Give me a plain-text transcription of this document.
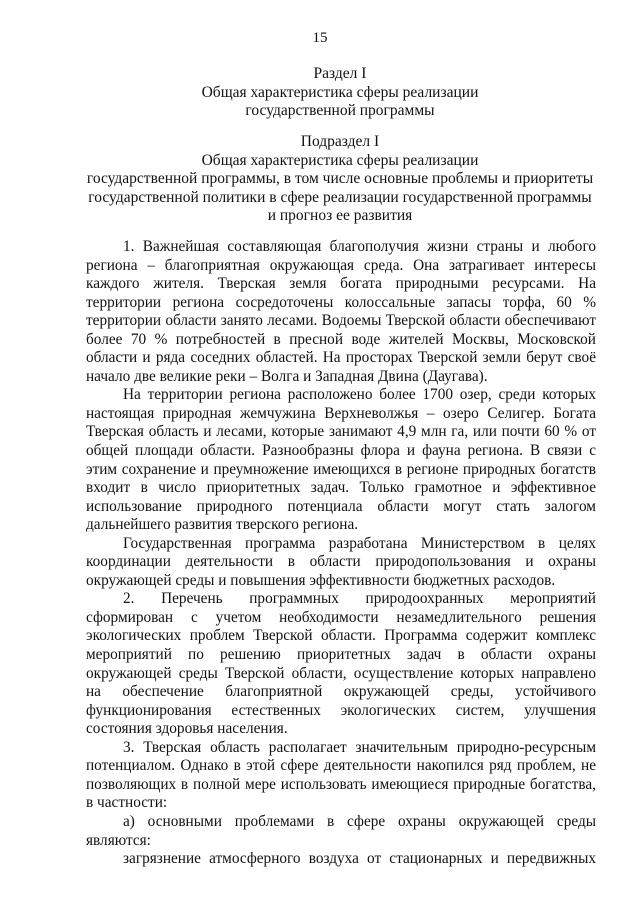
15
Раздел I
Общая характеристика сферы реализации
государственной программы
Подраздел I
Общая характеристика сферы реализации
государственной программы, в том числе основные проблемы и приоритеты
государственной политики в сфере реализации государственной программы
и прогноз ее развития
1. Важнейшая составляющая благополучия жизни страны и любого
региона – благоприятная окружающая среда. Она затрагивает интересы
каждого жителя. Тверская земля богата природными ресурсами. На
территории региона сосредоточены колоссальные запасы торфа, 60 %
территории области занято лесами. Водоемы Тверской области обеспечивают
более 70 % потребностей в пресной воде жителей Москвы, Московской
области и ряда соседних областей. На просторах Тверской земли берут своё
начало две великие реки – Волга и Западная Двина (Даугава).
На территории региона расположено более 1700 озер, среди которых
настоящая природная жемчужина Верхневолжья – озеро Селигер. Богата
Тверская область и лесами, которые занимают 4,9 млн га, или почти 60 % от
общей площади области. Разнообразны флора и фауна региона. В связи с
этим сохранение и преумножение имеющихся в регионе природных богатств
входит в число приоритетных задач. Только грамотное и эффективное
использование природного потенциала области могут стать залогом
дальнейшего развития тверского региона.
Государственная программа разработана Министерством в целях
координации деятельности в области природопользования и охраны
окружающей среды и повышения эффективности бюджетных расходов.
2. Перечень программных природоохранных мероприятий
сформирован с учетом необходимости незамедлительного решения
экологических проблем Тверской области. Программа содержит комплекс
мероприятий по решению приоритетных задач в области охраны
окружающей среды Тверской области, осуществление которых направлено
на обеспечение благоприятной окружающей среды, устойчивого
функционирования естественных экологических систем, улучшения
состояния здоровья населения.
3. Тверская область располагает значительным природно-ресурсным
потенциалом. Однако в этой сфере деятельности накопился ряд проблем, не
позволяющих в полной мере использовать имеющиеся природные богатства,
в частности:
а) основными проблемами в сфере охраны окружающей среды
являются:
загрязнение атмосферного воздуха от стационарных и передвижных
